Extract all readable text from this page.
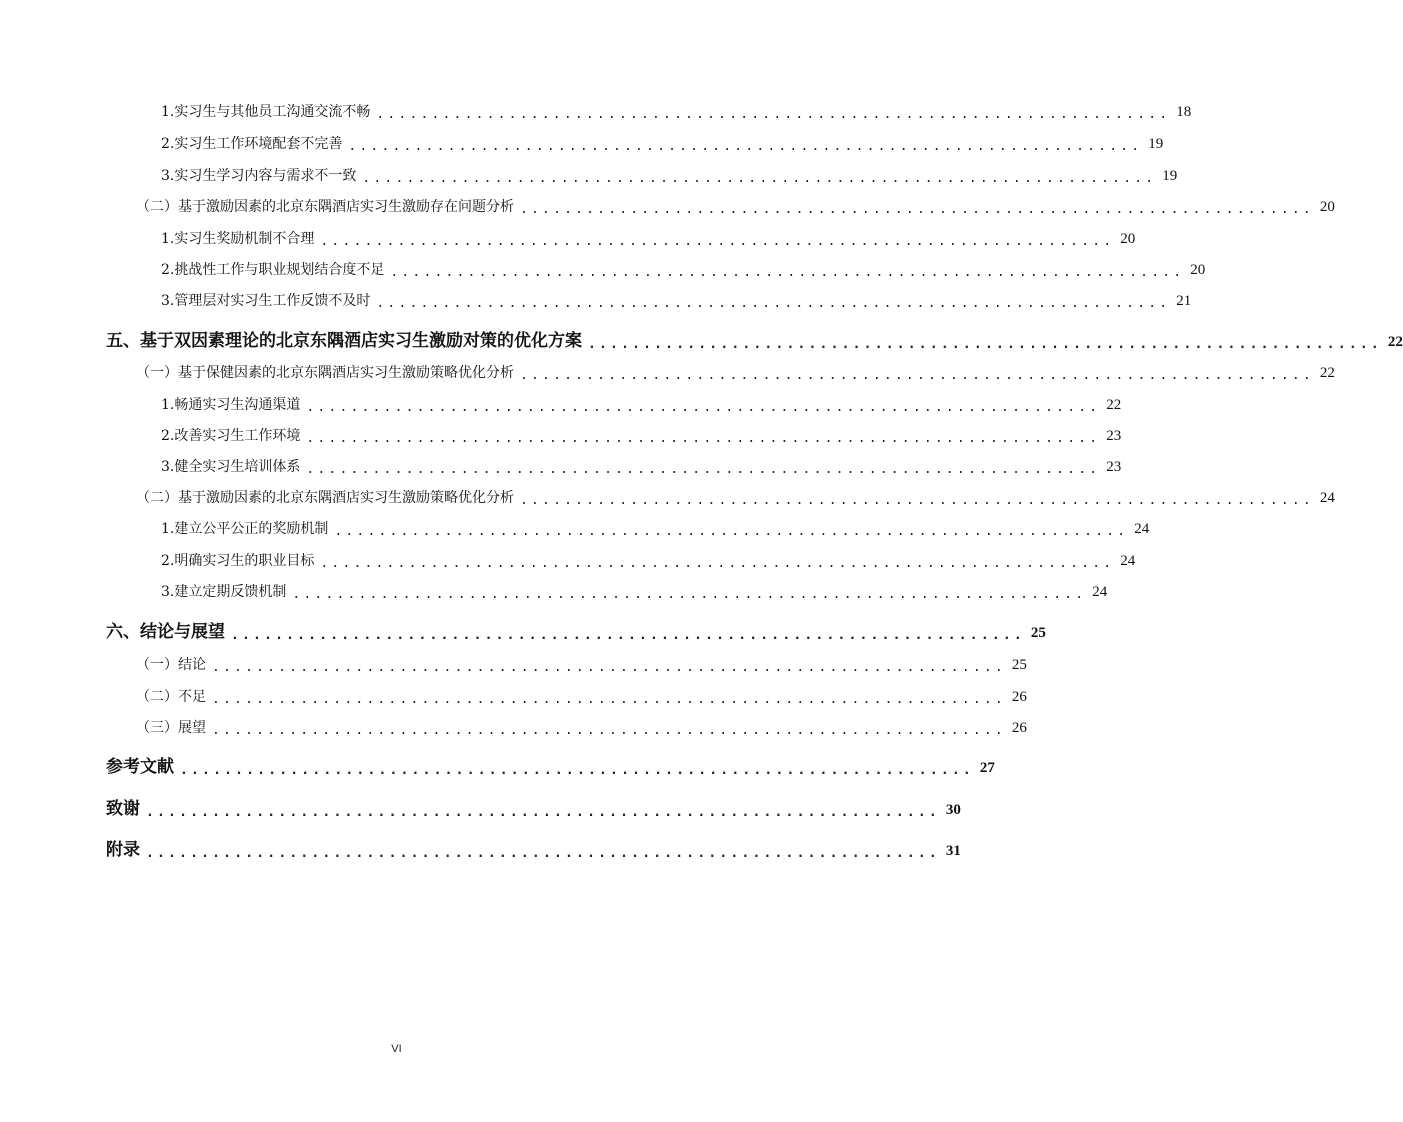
1.实习生与其他员工沟通交流不畅 ........................................................................ 18
2.实习生工作环境配套不完善 ........................................................................ 19
3.实习生学习内容与需求不一致 ........................................................................ 19
（二）基于激励因素的北京东隅酒店实习生激励存在问题分析 ........................................................................ 20
1.实习生奖励机制不合理 ........................................................................ 20
2.挑战性工作与职业规划结合度不足 ........................................................................ 20
3.管理层对实习生工作反馈不及时 ........................................................................ 21
五、基于双因素理论的北京东隅酒店实习生激励对策的优化方案 ........................................................................ 22
（一）基于保健因素的北京东隅酒店实习生激励策略优化分析 ........................................................................ 22
1.畅通实习生沟通渠道 ........................................................................ 22
2.改善实习生工作环境 ........................................................................ 23
3.健全实习生培训体系 ........................................................................ 23
（二）基于激励因素的北京东隅酒店实习生激励策略优化分析 ........................................................................ 24
1.建立公平公正的奖励机制 ........................................................................ 24
2.明确实习生的职业目标 ........................................................................ 24
3.建立定期反馈机制 ........................................................................ 24
六、结论与展望 ........................................................................ 25
（一）结论 ........................................................................ 25
（二）不足 ........................................................................ 26
（三）展望 ........................................................................ 26
参考文献 ........................................................................ 27
致谢 ........................................................................ 30
附录 ........................................................................ 31
VI
